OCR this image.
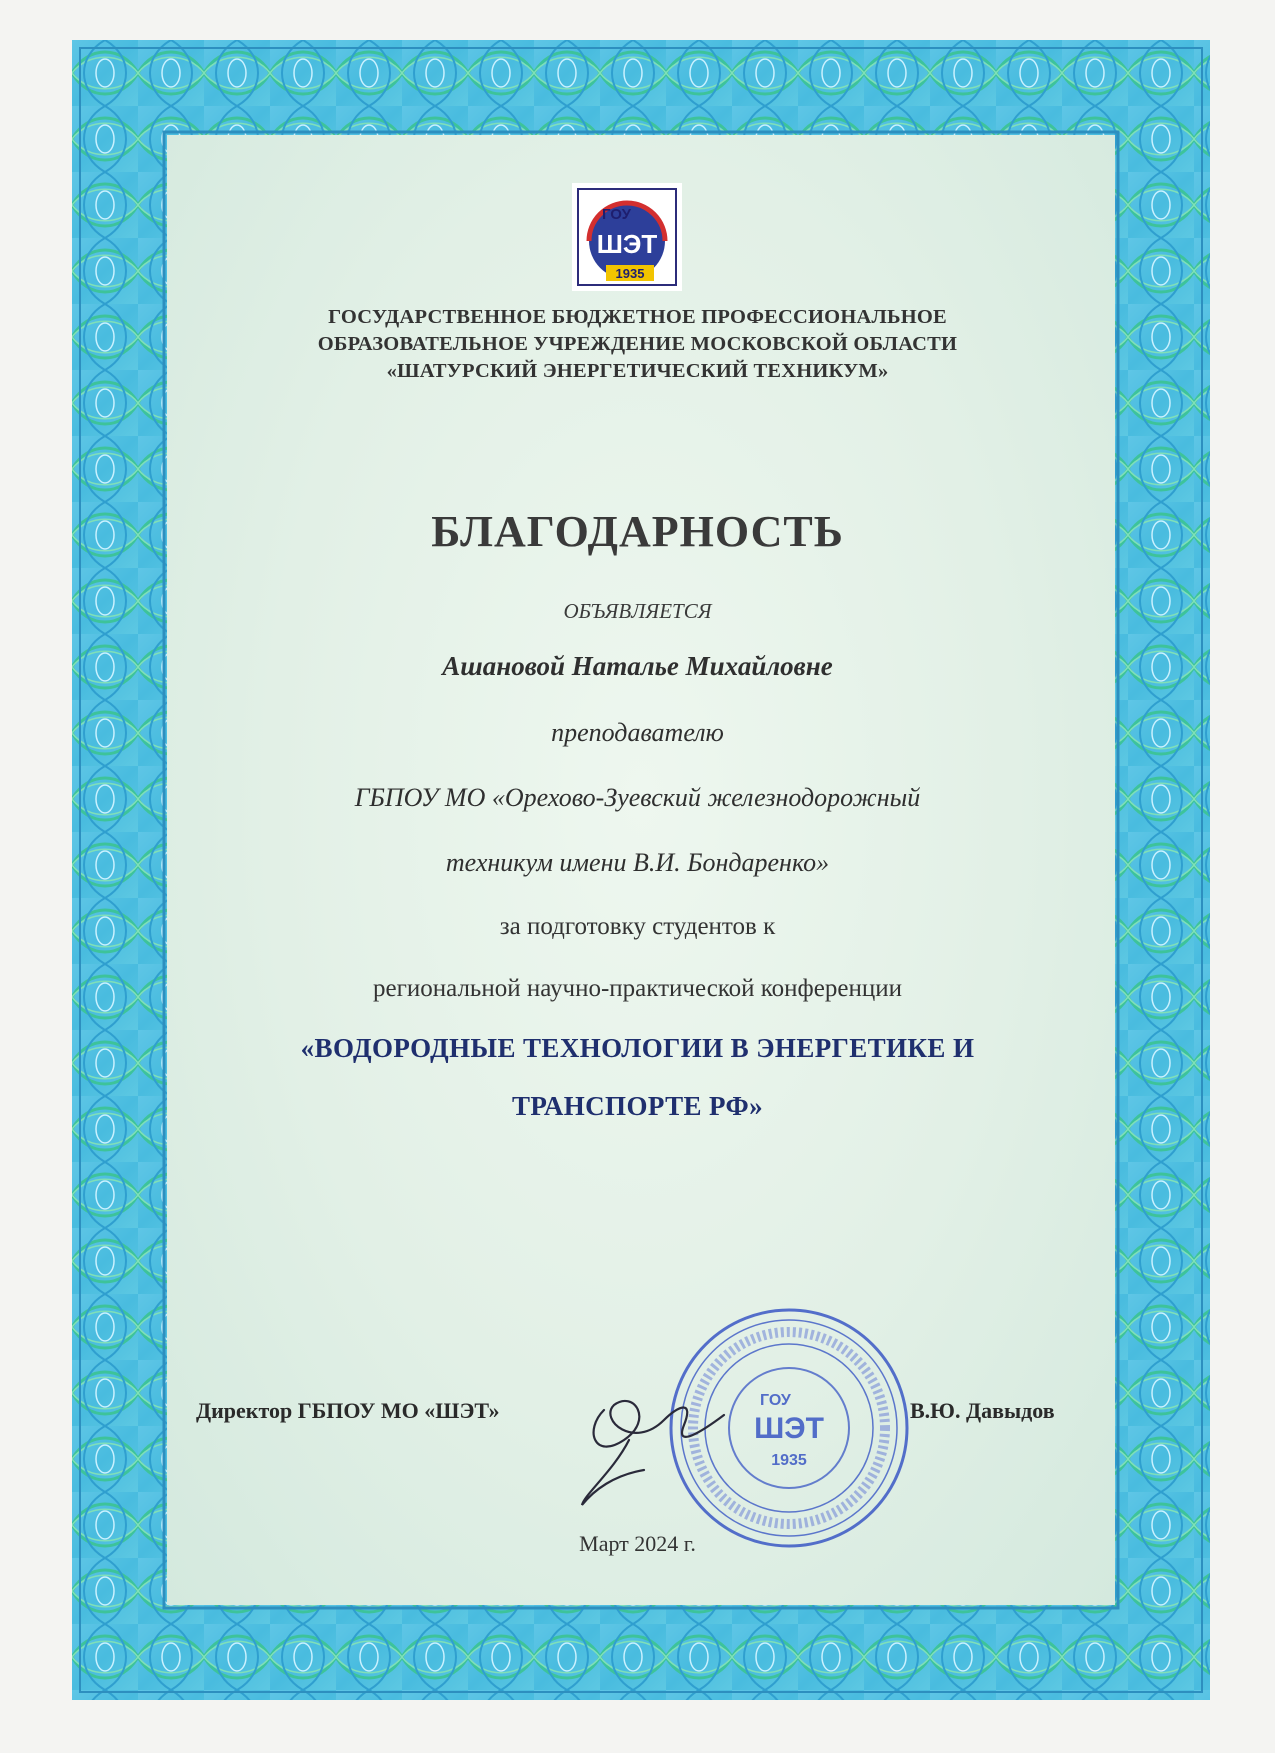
ГОУ
ШЭТ
1935
ГОСУДАРСТВЕННОЕ БЮДЖЕТНОЕ ПРОФЕССИОНАЛЬНОЕ
ОБРАЗОВАТЕЛЬНОЕ УЧРЕЖДЕНИЕ МОСКОВСКОЙ ОБЛАСТИ
«ШАТУРСКИЙ ЭНЕРГЕТИЧЕСКИЙ ТЕХНИКУМ»
БЛАГОДАРНОСТЬ
ОБЪЯВЛЯЕТСЯ
Ашановой Наталье Михайловне
преподавателю
ГБПОУ МО «Орехово-Зуевский железнодорожный
техникум имени В.И. Бондаренко»
за подготовку студентов к
региональной научно-практической конференции
«ВОДОРОДНЫЕ ТЕХНОЛОГИИ В ЭНЕРГЕТИКЕ И
ТРАНСПОРТЕ РФ»
ГОУ
ШЭТ
1935
Директор ГБПОУ МО «ШЭТ»	В.Ю. Давыдов
Март 2024 г.
